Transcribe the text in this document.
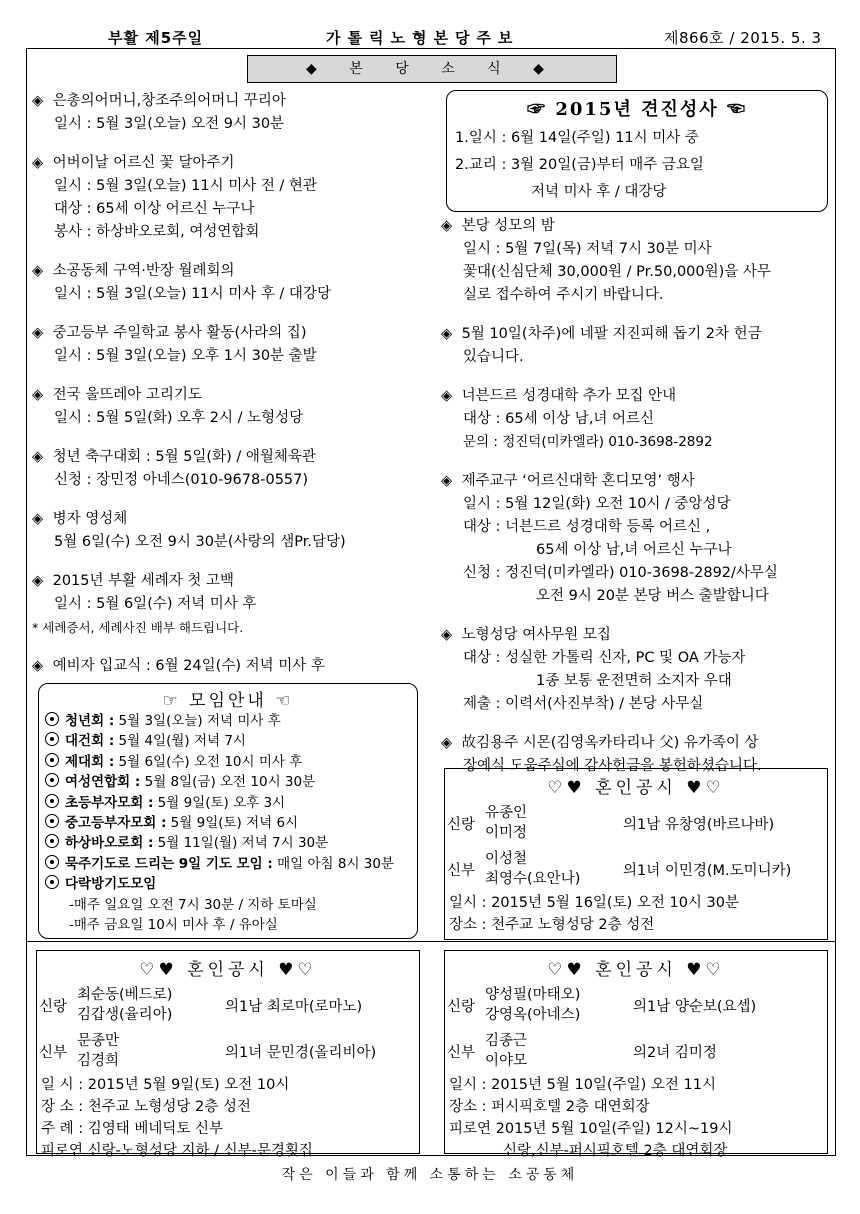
부활 제5주일	가톨릭노형본당주보	제866호 / 2015. 5. 3
◆ 본 당 소 식 ◆
◈ 은총의어머니,창조주의어머니 꾸리아
일시 : 5월 3일(오늘) 오전 9시 30분
◈ 어버이날 어르신 꽃 달아주기
일시 : 5월 3일(오늘) 11시 미사 전 / 현관
대상 : 65세 이상 어르신 누구나
봉사 : 하상바오로회, 여성연합회
◈ 소공동체 구역·반장 월례회의
일시 : 5월 3일(오늘) 11시 미사 후 / 대강당
◈ 중고등부 주일학교 봉사 활동(사라의 집)
일시 : 5월 3일(오늘) 오후 1시 30분 출발
◈ 전국 울뜨레아 고리기도
일시 : 5월 5일(화) 오후 2시 / 노형성당
◈ 청년 축구대회 : 5월 5일(화) / 애월체육관
신청 : 장민정 아네스(010-9678-0557)
◈ 병자 영성체
5월 6일(수) 오전 9시 30분(사랑의 샘Pr.담당)
◈ 2015년 부활 세례자 첫 고백
일시 : 5월 6일(수) 저녁 미사 후
* 세례증서, 세례사진 배부 해드립니다.
◈ 예비자 입교식 : 6월 24일(수) 저녁 미사 후
☞ 2015년 견진성사 ☜
1.일시 : 6월 14일(주일) 11시 미사 중
2.교리 : 3월 20일(금)부터 매주 금요일
저녁 미사 후 / 대강당
◈ 본당 성모의 밤
일시 : 5월 7일(목) 저녁 7시 30분 미사
꽃대(신심단체 30,000원 / Pr.50,000원)을 사무
실로 접수하여 주시기 바랍니다.
◈ 5월 10일(차주)에 네팔 지진피해 돕기 2차 헌금
있습니다.
◈ 너븐드르 성경대학 추가 모집 안내
대상 : 65세 이상 남,녀 어르신
문의 : 정진덕(미카엘라) 010-3698-2892
◈ 제주교구 ‘어르신대학 혼디모영’ 행사
일시 : 5월 12일(화) 오전 10시 / 중앙성당
대상 : 너븐드르 성경대학 등록 어르신 ,
65세 이상 남,녀 어르신 누구나
신청 : 정진덕(미카엘라) 010-3698-2892/사무실
오전 9시 20분 본당 버스 출발합니다
◈ 노형성당 여사무원 모집
대상 : 성실한 가톨릭 신자, PC 및 OA 가능자
1종 보통 운전면허 소지자 우대
제출 : 이력서(사진부착) / 본당 사무실
◈ 故김용주 시몬(김영옥카타리나 父) 유가족이 상
장예식 도움주심에 감사헌금을 봉헌하셨습니다.
☞ 모임안내 ☜
청년회 : 5월 3일(오늘) 저녁 미사 후
대건회 : 5월 4일(월) 저녁 7시
제대회 : 5월 6일(수) 오전 10시 미사 후
여성연합회 : 5월 8일(금) 오전 10시 30분
초등부자모회 : 5월 9일(토) 오후 3시
중고등부자모회 : 5월 9일(토) 저녁 6시
하상바오로회 : 5월 11일(월) 저녁 7시 30분
묵주기도로 드리는 9일 기도 모임 : 매일 아침 8시 30분
다락방기도모임
-매주 일요일 오전 7시 30분 / 지하 토마실
-매주 금요일 10시 미사 후 / 유아실
♡♥ 혼인공시 ♥♡
신랑	유종인
이미정	의1남 유창영(바르나바)
신부	이성철
최영수(요안나)	의1녀 이민경(M.도미니카)
일시 : 2015년 5월 16일(토) 오전 10시 30분
장소 : 천주교 노형성당 2층 성전
♡♥ 혼인공시 ♥♡
신랑	최순동(베드로)
김갑생(율리아)	의1남 최로마(로마노)
신부	문종만
김경희	의1녀 문민경(올리비아)
일 시 : 2015년 5월 9일(토) 오전 10시
장 소 : 천주교 노형성당 2층 성전
주 례 : 김영태 베네딕토 신부
피로연 신랑-노형성당 지하 / 신부-문경횟집
♡♥ 혼인공시 ♥♡
신랑	양성필(마태오)
강영옥(아네스)	의1남 양순보(요셉)
신부	김종근
이야모	의2녀 김미정
일시 : 2015년 5월 10일(주일) 오전 11시
장소 : 퍼시픽호텔 2층 대연회장
피로연 2015년 5월 10일(주일) 12시~19시
신랑,신부-퍼시픽호텔 2층 대연회장
작은 이들과 함께 소통하는 소공동체
